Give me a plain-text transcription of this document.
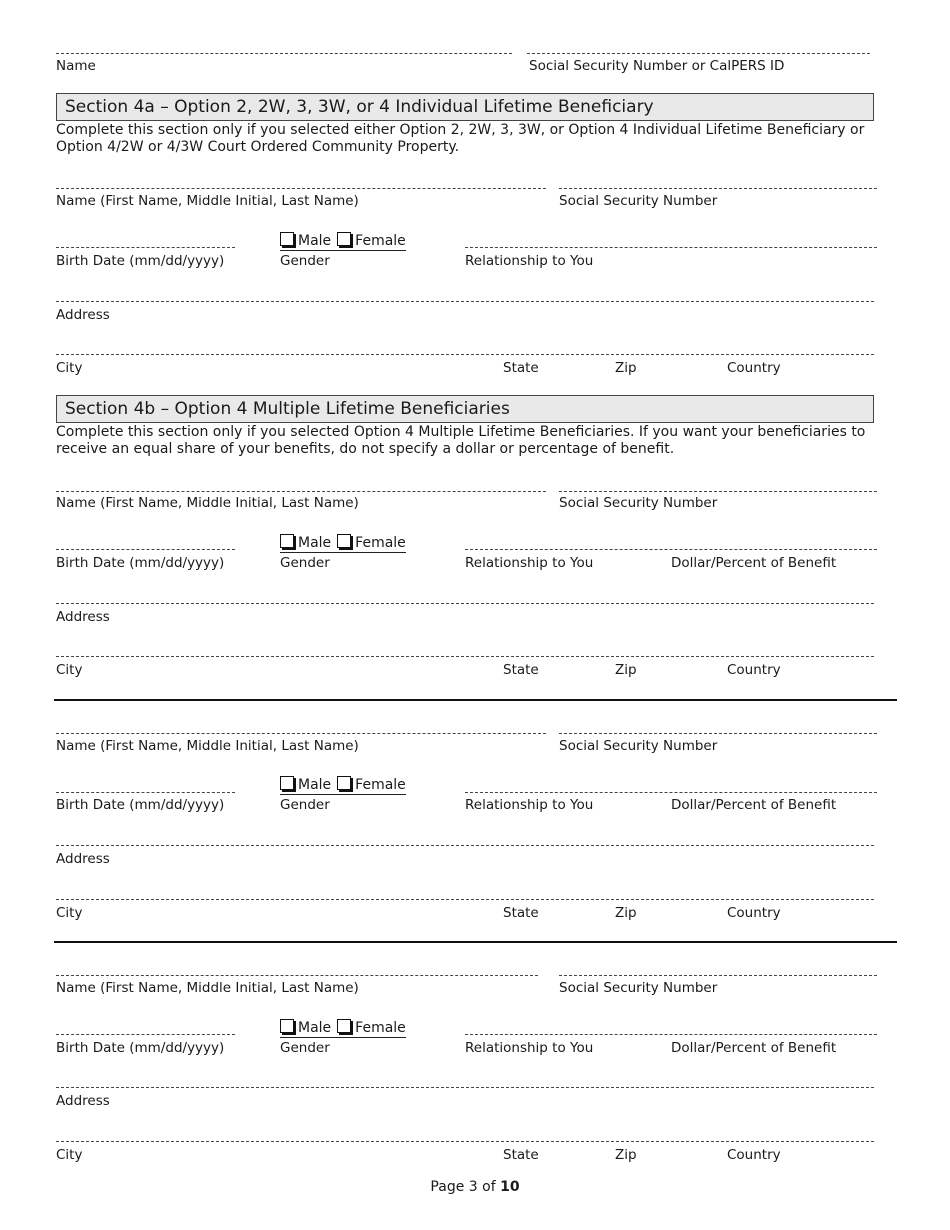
Name	Social Security Number or CalPERS ID
Section 4a – Option 2, 2W, 3, 3W, or 4 Individual Lifetime Beneficiary
Complete this section only if you selected either Option 2, 2W, 3, 3W, or Option 4 Individual Lifetime Beneficiary or Option 4/2W or 4/3W Court Ordered Community Property.
Name (First Name, Middle Initial, Last Name)	Social Security Number
Male Female
Birth Date (mm/dd/yyyy)	Gender	Relationship to You
Address
City	State	Zip	Country
Section 4b – Option 4 Multiple Lifetime Beneficiaries
Complete this section only if you selected Option 4 Multiple Lifetime Beneficiaries. If you want your beneficiaries to receive an equal share of your benefits, do not specify a dollar or percentage of benefit.
Name (First Name, Middle Initial, Last Name)	Social Security Number
Male Female
Birth Date (mm/dd/yyyy)	Gender	Relationship to You	Dollar/Percent of Benefit
Address
City	State	Zip	Country
Name (First Name, Middle Initial, Last Name)	Social Security Number
Male Female
Birth Date (mm/dd/yyyy)	Gender	Relationship to You	Dollar/Percent of Benefit
Address
City	State	Zip	Country
Name (First Name, Middle Initial, Last Name)	Social Security Number
Male Female
Birth Date (mm/dd/yyyy)	Gender	Relationship to You	Dollar/Percent of Benefit
Address
City	State	Zip	Country
Page 3 of 10
